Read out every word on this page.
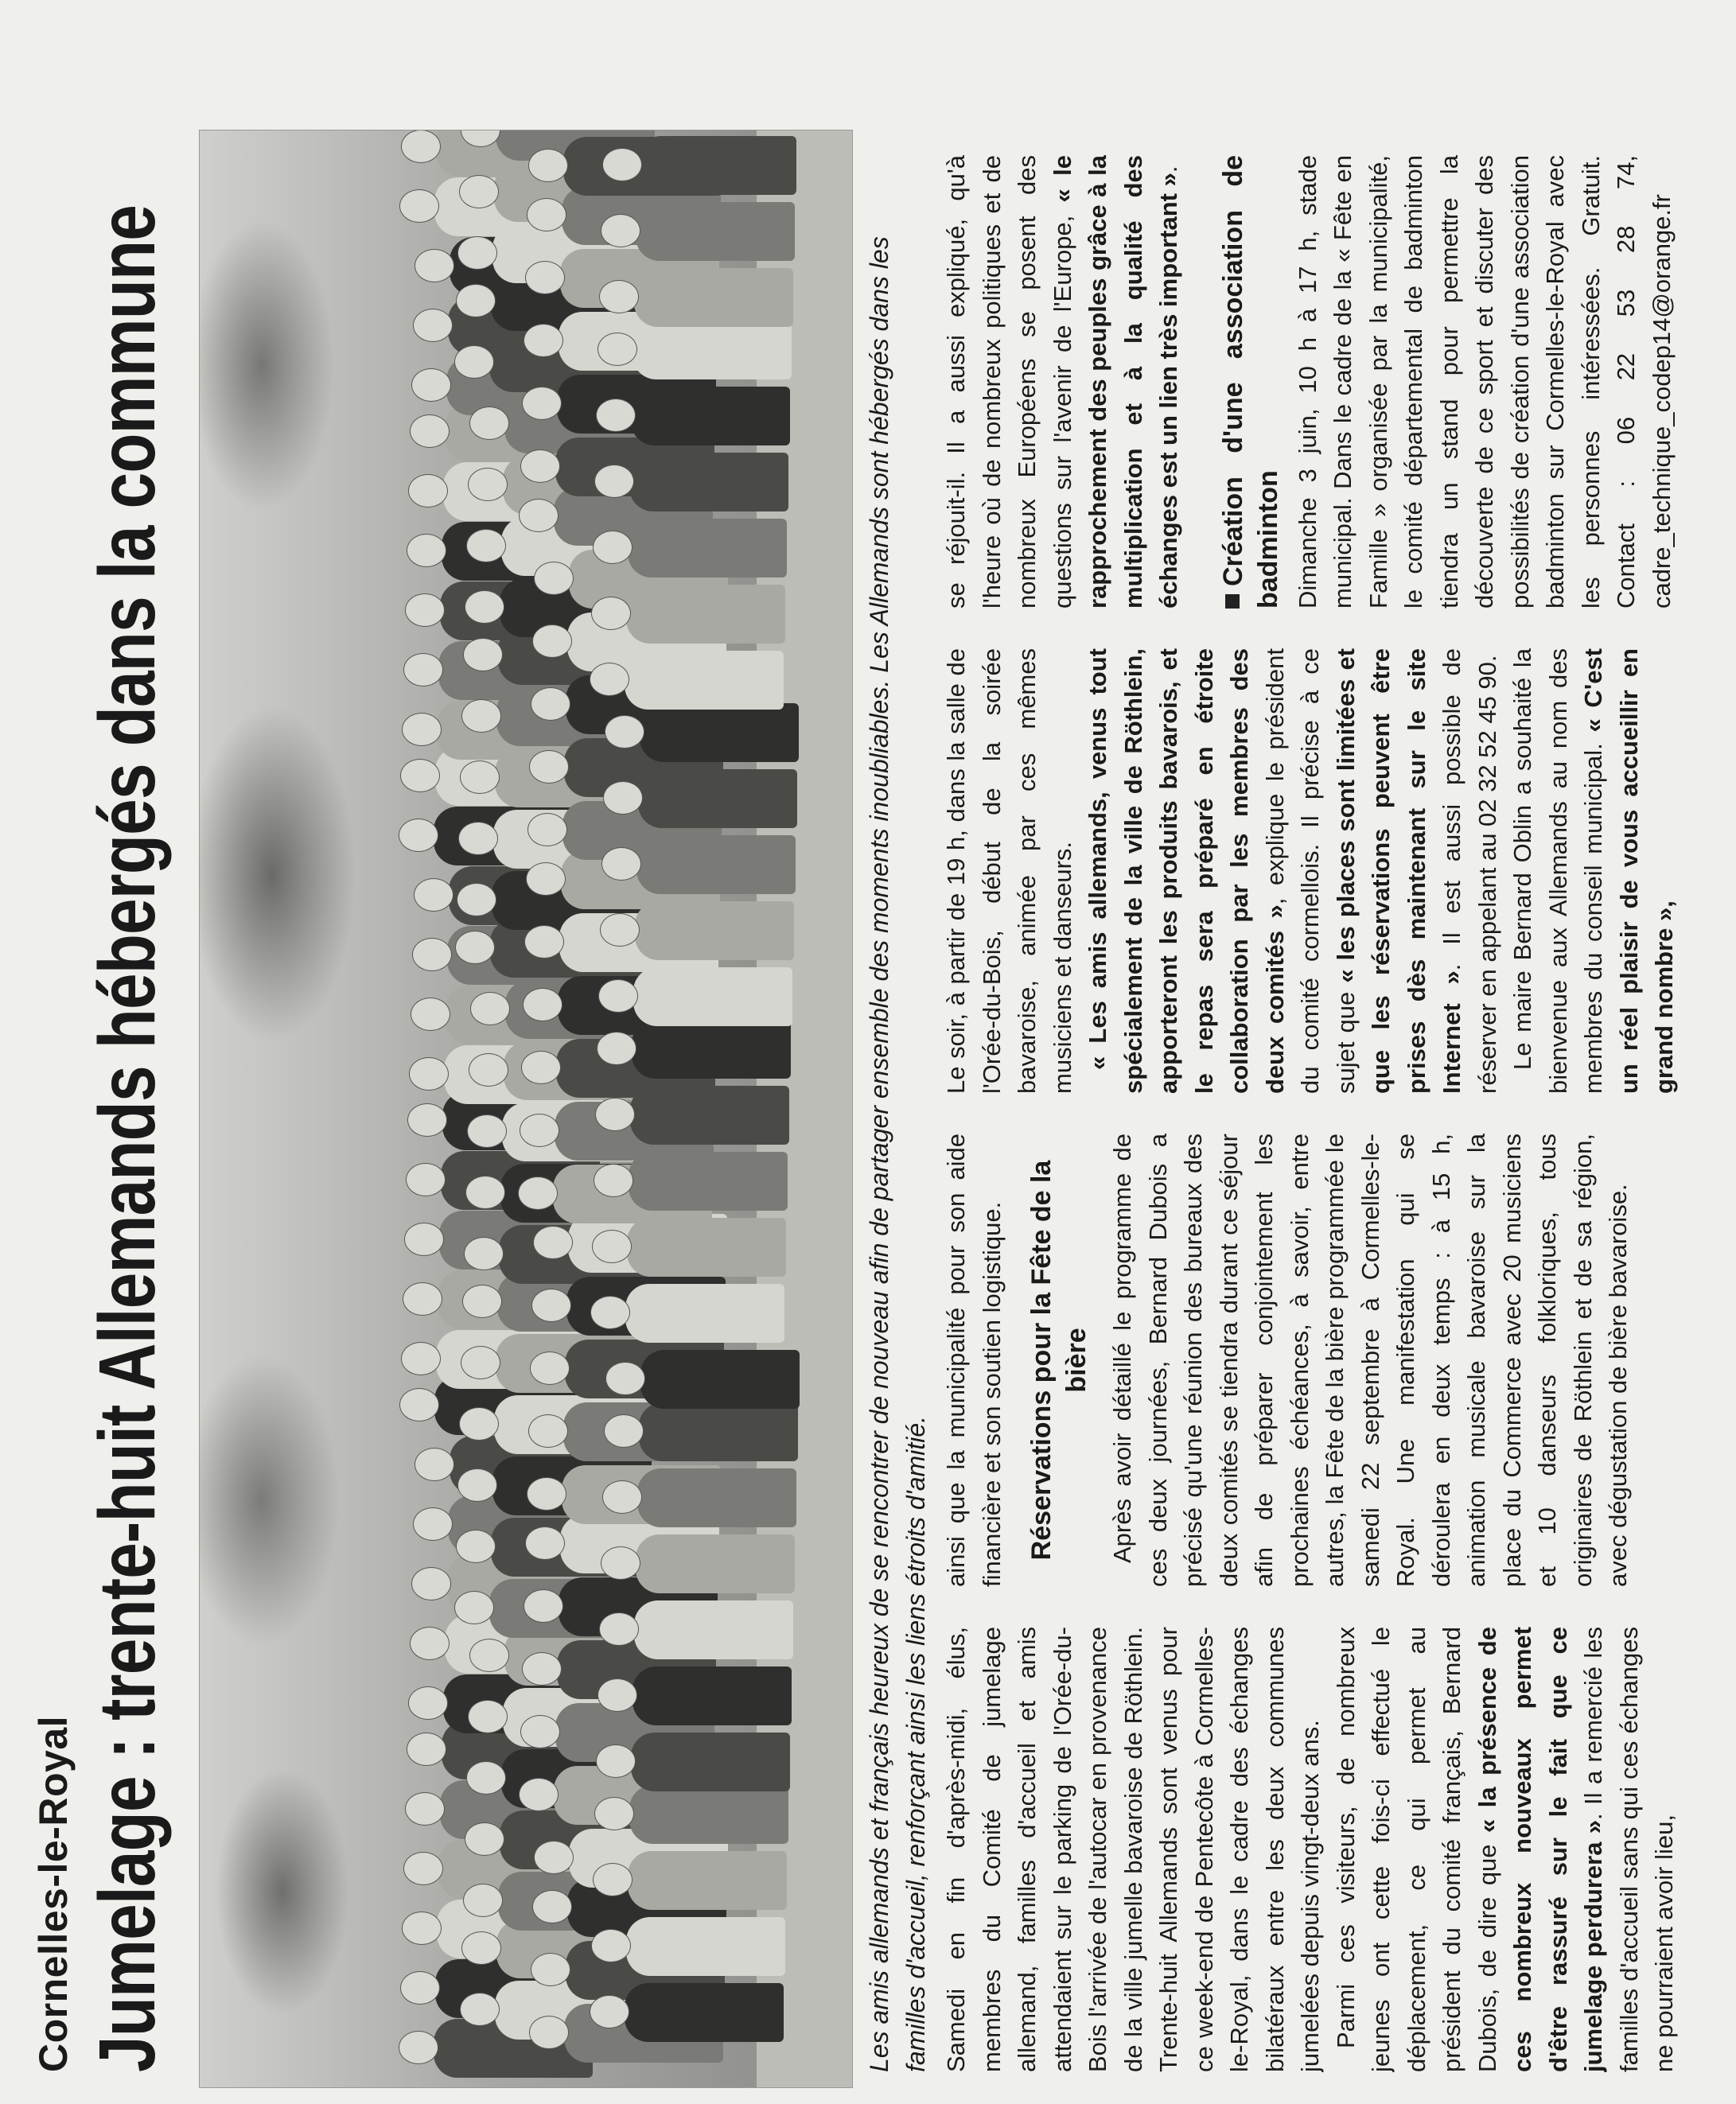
Cornelles-le-Royal Jumelage : trente-huit Allemands hébergés dans la commune	Les amis allemands et français heureux de se rencontrer de nouveau afin de partager ensemble des moments inoubliables. Les Allemands sont hébergés dans les familles d'accueil, renforçant ainsi les liens étroits d'amitié. Samedi en fin d'après-midi, élus, membres du Comité de jumelage allemand, familles d'accueil et amis attendaient sur le parking de l'Orée-du-Bois l'arrivée de l'autocar en provenance de la ville jumelle bavaroise de Röthlein. Trente-huit Allemands sont venus pour ce week-end de Pentecôte à Cormelles-le-Royal, dans le cadre des échanges bilatéraux entre les deux communes jumelées depuis vingt-deux ans. Parmi ces visiteurs, de nombreux jeunes ont cette fois-ci effectué le déplacement, ce qui permet au président du comité français, Bernard Dubois, de dire que « la présence de ces nombreux nouveaux permet d'être rassuré sur le fait que ce jumelage perdurera ». Il a remercié les familles d'accueil sans qui ces échanges ne pourraient avoir lieu,

ainsi que la municipalité pour son aide financière et son soutien logistique. Réservations pour la Fête de la bière Après avoir détaillé le programme de ces deux journées, Bernard Dubois a précisé qu'une réunion des bureaux des deux comités se tiendra durant ce séjour afin de préparer conjointement les prochaines échéances, à savoir, entre autres, la Fête de la bière programmée le samedi 22 septembre à Cormelles-le-Royal. Une manifestation qui se déroulera en deux temps : à 15 h, animation musicale bavaroise sur la place du Commerce avec 20 musiciens et 10 danseurs folkloriques, tous originaires de Röthlein et de sa région, avec dégustation de bière bavaroise.

Le soir, à partir de 19 h, dans la salle de l'Orée-du-Bois, début de la soirée bavaroise, animée par ces mêmes musiciens et danseurs. « Les amis allemands, venus tout spécialement de la ville de Röthlein, apporteront les produits bavarois, et le repas sera préparé en étroite collaboration par les membres des deux comités », explique le président du comité cormellois. Il précise à ce sujet que « les places sont limitées et que les réservations peuvent être prises dès maintenant sur le site Internet ». Il est aussi possible de réserver en appelant au 02 32 52 45 90. Le maire Bernard Oblin a souhaité la bienvenue aux Allemands au nom des membres du conseil municipal. « C'est un réel plaisir de vous accueillir en grand nombre »,

se réjouit-il. Il a aussi expliqué, qu'à l'heure où de nombreux politiques et de nombreux Européens se posent des questions sur l'avenir de l'Europe, « le rapprochement des peuples grâce à la multiplication et à la qualité des échanges est un lien très important ». Création d'une association de badminton Dimanche 3 juin, 10 h à 17 h, stade municipal. Dans le cadre de la « Fête en Famille » organisée par la municipalité, le comité départemental de badminton tiendra un stand pour permettre la découverte de ce sport et discuter des possibilités de création d'une association badminton sur Cormelles-le-Royal avec les personnes intéressées. Gratuit. Contact : 06 22 53 28 74, cadre_technique_codep14@orange.fr
